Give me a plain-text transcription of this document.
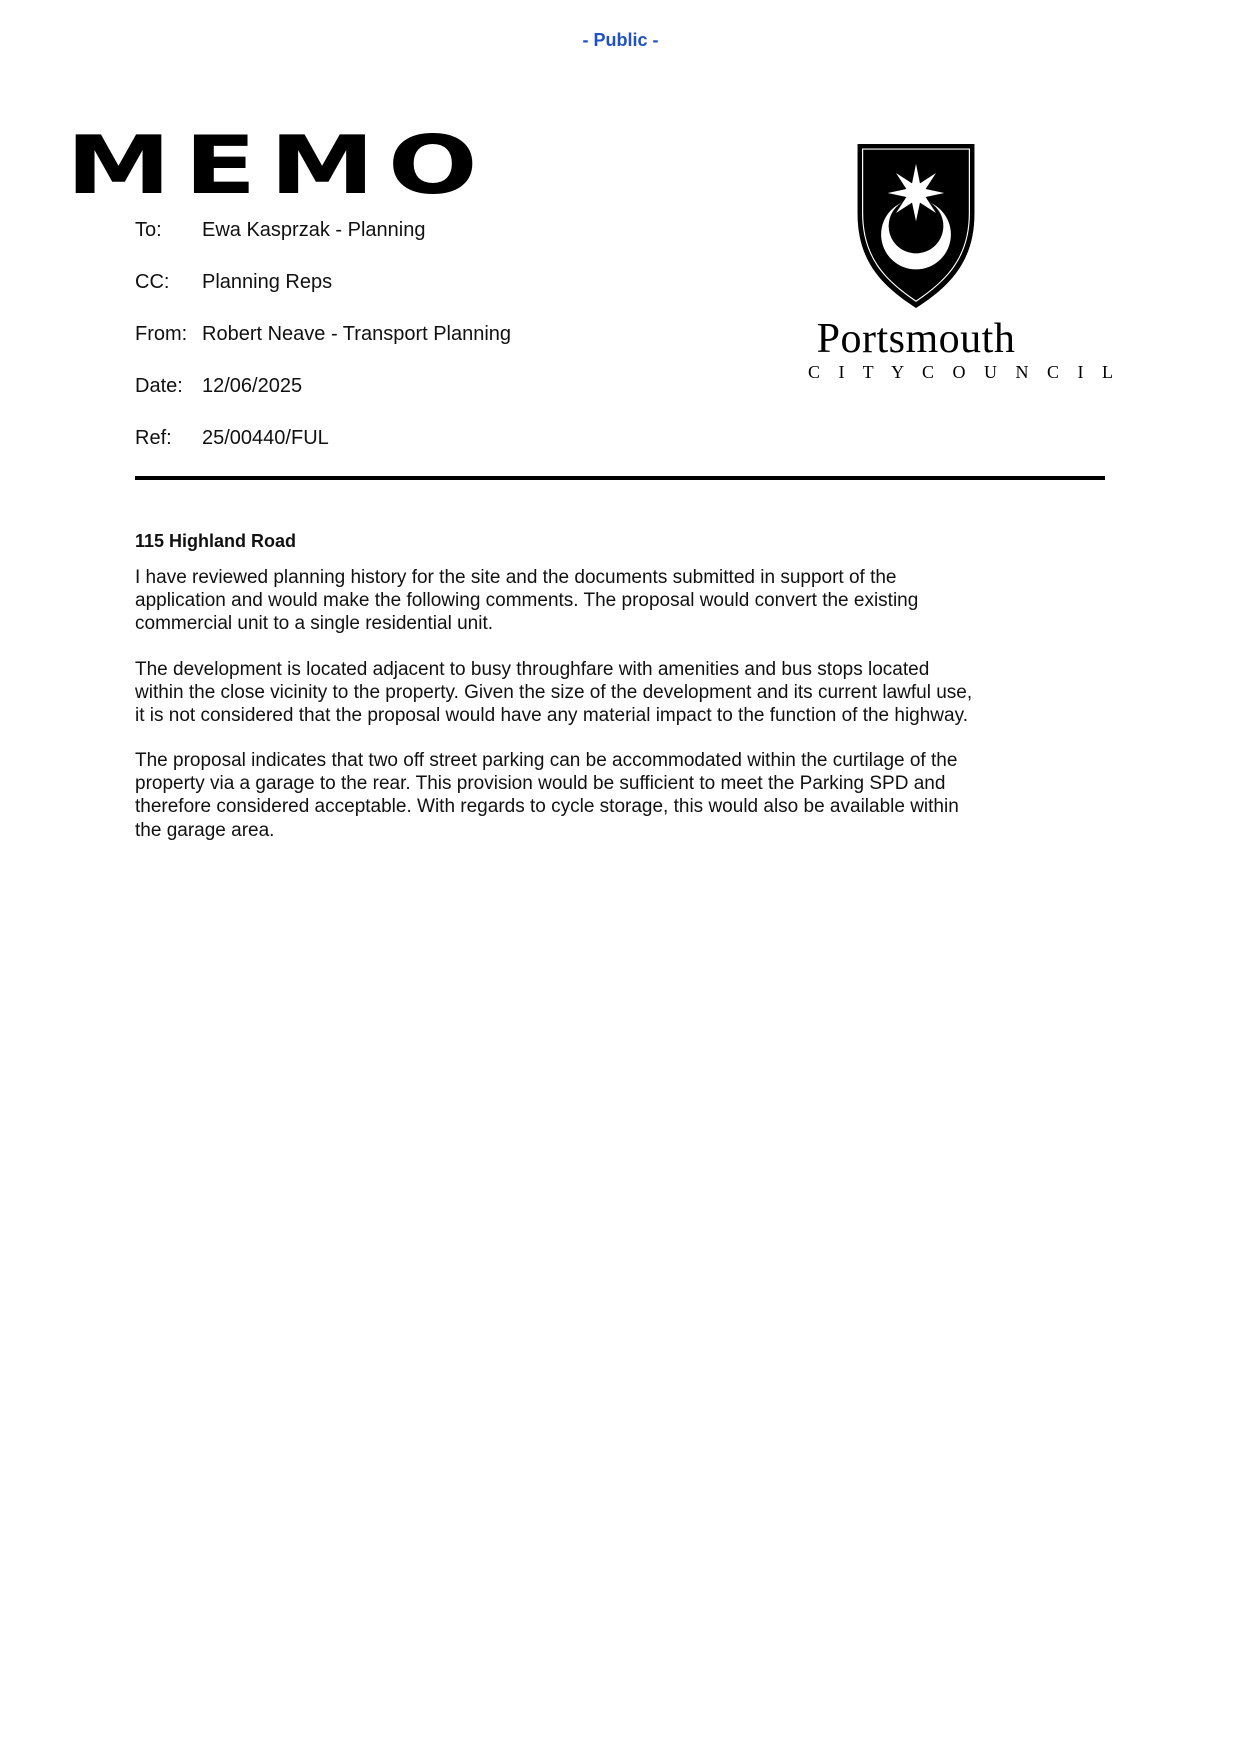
- Public -
MEMO
Portsmouth
C I T Y C O U N C I L
To:	Ewa Kasprzak - Planning
CC:	Planning Reps
From: Robert Neave - Transport Planning
Date: 12/06/2025
Ref:	25/00440/FUL
115 Highland Road

I have reviewed planning history for the site and the documents submitted in support of the application and would make the following comments. The proposal would convert the existing commercial unit to a single residential unit.

The development is located adjacent to busy throughfare with amenities and bus stops located within the close vicinity to the property. Given the size of the development and its current lawful use, it is not considered that the proposal would have any material impact to the function of the highway.

The proposal indicates that two off street parking can be accommodated within the curtilage of the property via a garage to the rear. This provision would be sufficient to meet the Parking SPD and therefore considered acceptable. With regards to cycle storage, this would also be available within the garage area.
